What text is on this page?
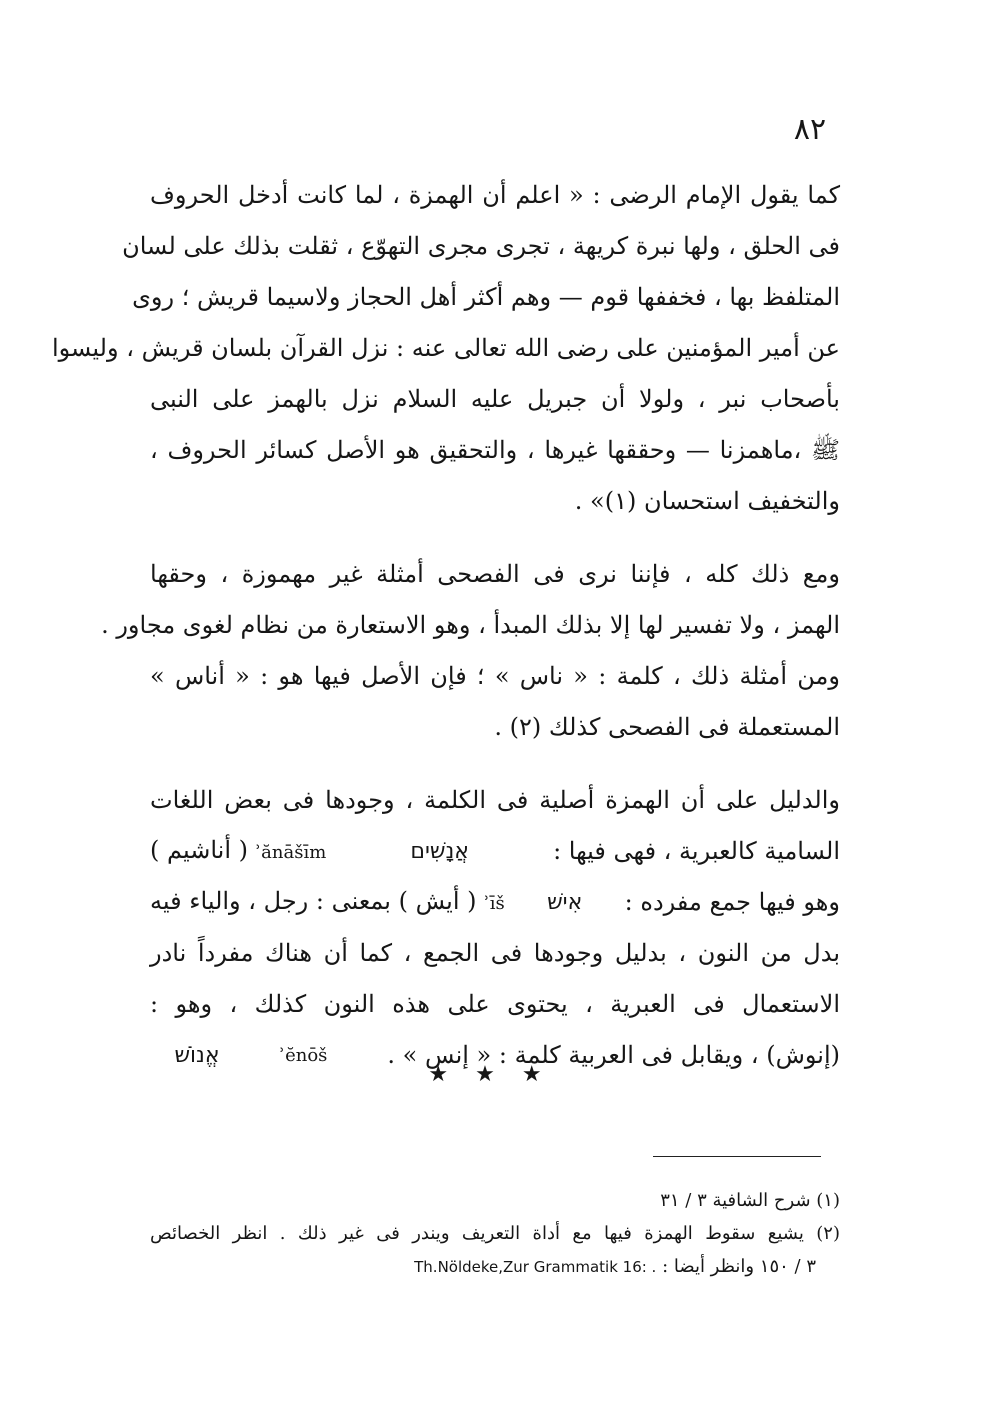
٨٢
كما يقول الإمام الرضى : « اعلم أن الهمزة ، لما كانت أدخل الحروف
فى الحلق ، ولها نبرة كريهة ، تجرى مجرى التهوّع ، ثقلت بذلك على لسان
المتلفظ بها ، فخففها قوم — وهم أكثر أهل الحجاز ولاسيما قريش ؛ روى
عن أمير المؤمنين على رضى الله تعالى عنه : نزل القرآن بلسان قريش ، وليسوا
بأصحاب نبر ، ولولا أن جبريل عليه السلام نزل بالهمز على النبى
ﷺ ،ماهمزنا — وحققها غيرها ، والتحقيق هو الأصل كسائر الحروف ،
والتخفيف استحسان (١)» .
ومع ذلك كله ، فإننا نرى فى الفصحى أمثلة غير مهموزة ، وحقها
الهمز ، ولا تفسير لها إلا بذلك المبدأ ، وهو الاستعارة من نظام لغوى مجاور .
ومن أمثلة ذلك ، كلمة : « ناس » ؛ فإن الأصل فيها هو : « أناس »
المستعملة فى الفصحى كذلك (٢) .
والدليل على أن الهمزة أصلية فى الكلمة ، وجودها فى بعض اللغات
السامية كالعبرية ، فهى فيها :
אֲנָשִׁים
ʾănāšīm ( أناشيم )
وهو فيها جمع مفرده :
אִישׁ
ʾīš ( أيش ) بمعنى : رجل ، والياء فيه
بدل من النون ، بدليل وجودها فى الجمع ، كما أن هناك مفرداً نادر
الاستعمال فى العبرية ، يحتوى على هذه النون كذلك ، وهو :
(إنوش) ، ويقابل فى العربية كلمة : « إنس » .
ʾĕnōš
אֱנוֹשׁ
★ ★ ★
(١) شرح الشافية ٣ / ٣١
(٢) يشيع سقوط الهمزة فيها مع أداة التعريف ويندر فى غير ذلك . انظر الخصائص
٣ / ١٥٠ وانظر أيضا : Th.Nöldeke,Zur Grammatik 16: .
